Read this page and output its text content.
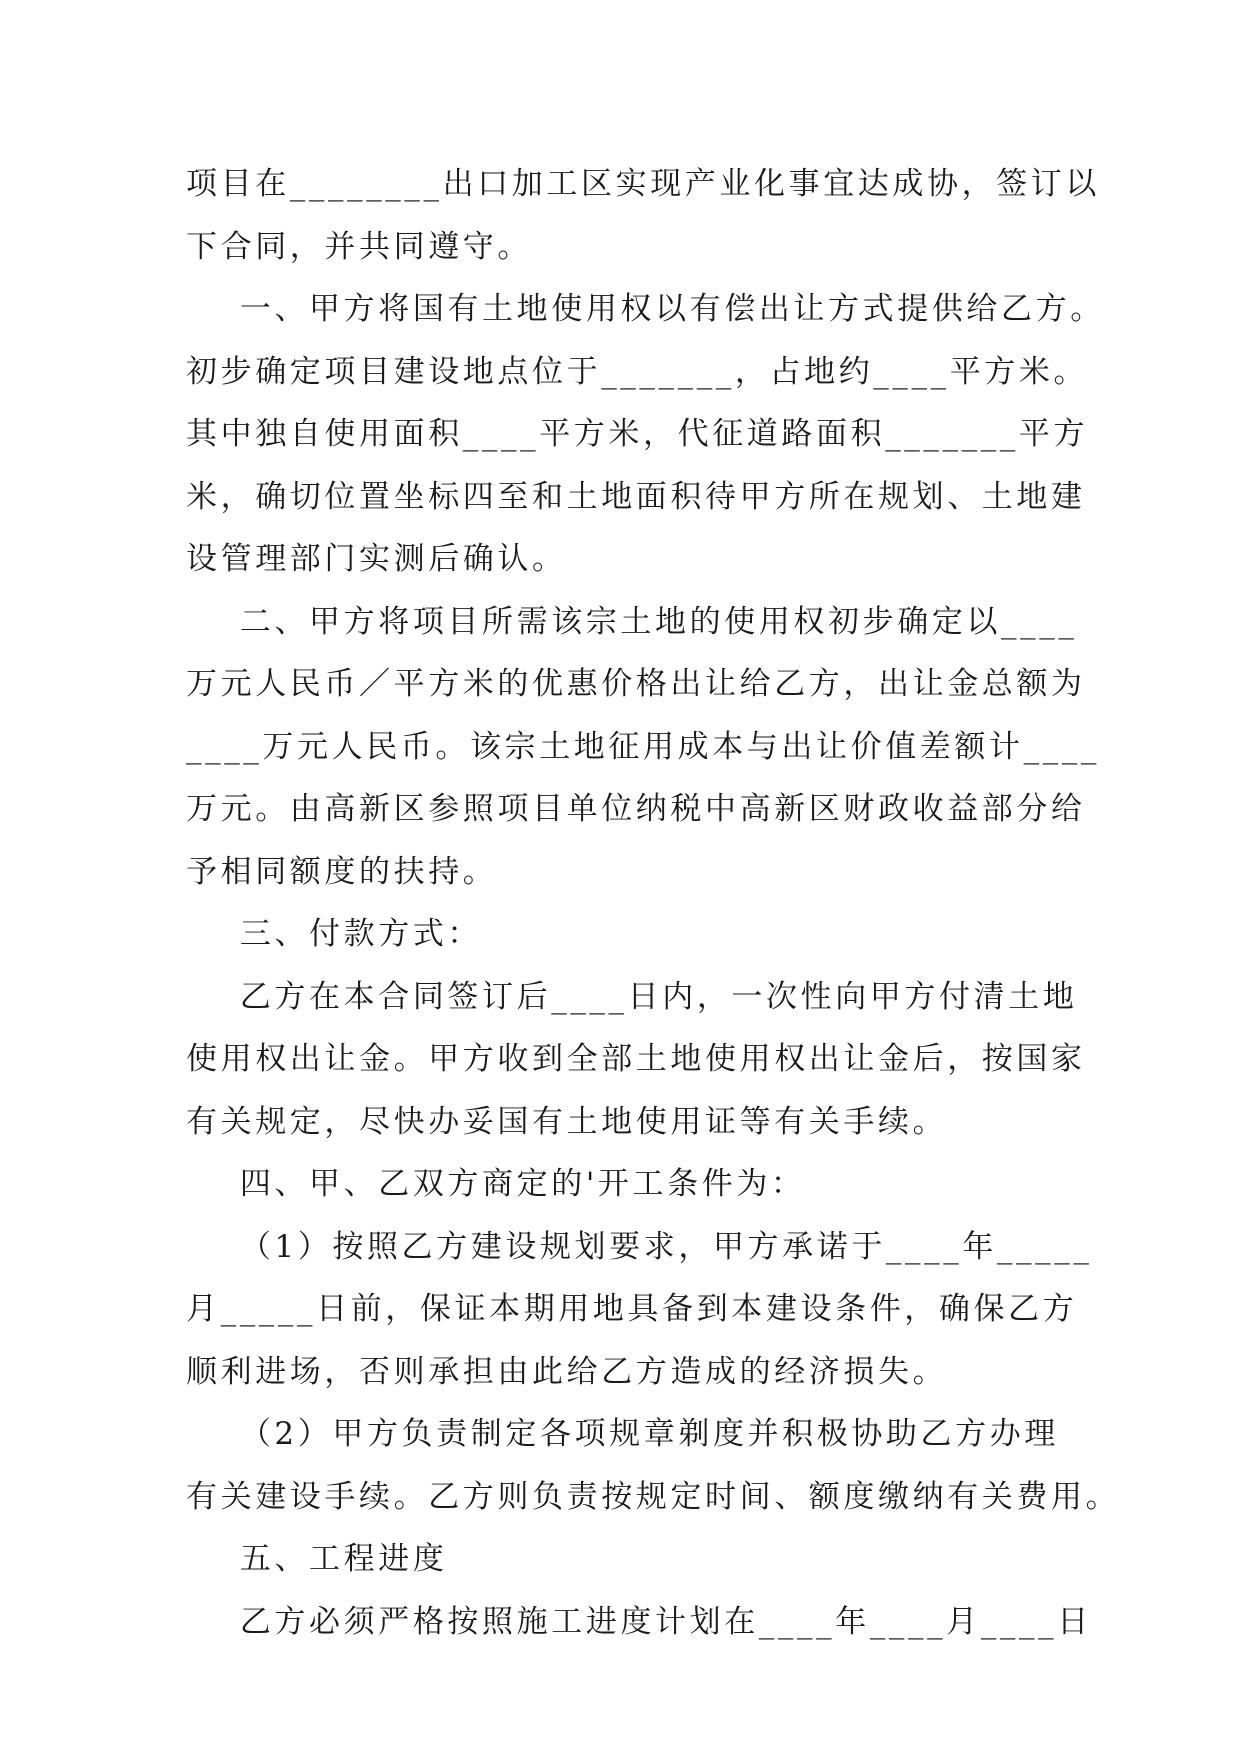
项目在________出口加工区实现产业化事宜达成协，签订以
下合同，并共同遵守。
一、甲方将国有土地使用权以有偿出让方式提供给乙方。
初步确定项目建设地点位于_______，占地约____平方米。
其中独自使用面积____平方米，代征道路面积_______平方
米，确切位置坐标四至和土地面积待甲方所在规划、土地建
设管理部门实测后确认。
二、甲方将项目所需该宗土地的使用权初步确定以____
万元人民币／平方米的优惠价格出让给乙方，出让金总额为
____万元人民币。该宗土地征用成本与出让价值差额计____
万元。由高新区参照项目单位纳税中高新区财政收益部分给
予相同额度的扶持。
三、付款方式：
乙方在本合同签订后____日内，一次性向甲方付清土地
使用权出让金。甲方收到全部土地使用权出让金后，按国家
有关规定，尽快办妥国有土地使用证等有关手续。
四、甲、乙双方商定的'开工条件为：
（1）按照乙方建设规划要求，甲方承诺于____年_____
月_____日前，保证本期用地具备到本建设条件，确保乙方
顺利进场，否则承担由此给乙方造成的经济损失。
（2）甲方负责制定各项规章剃度并积极协助乙方办理
有关建设手续。乙方则负责按规定时间、额度缴纳有关费用。
五、工程进度
乙方必须严格按照施工进度计划在____年____月____日
